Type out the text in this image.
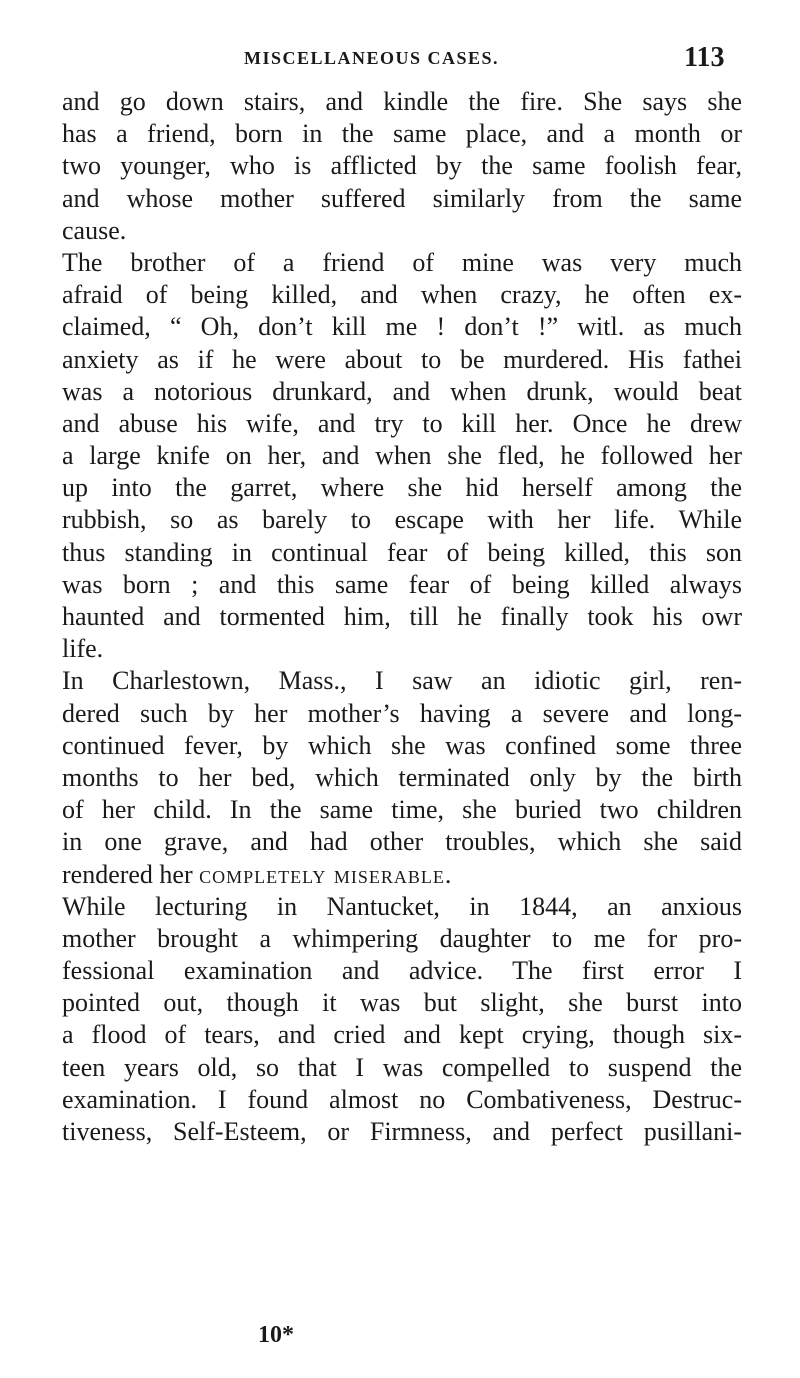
MISCELLANEOUS CASES.	113
and go down stairs, and kindle the fire. She says she
has a friend, born in the same place, and a month or
two younger, who is afflicted by the same foolish fear,
and whose mother suffered similarly from the same
cause.
The brother of a friend of mine was very much
afraid of being killed, and when crazy, he often ex-
claimed, “ Oh, don’t kill me ! don’t !” witl. as much
anxiety as if he were about to be murdered. His fathei
was a notorious drunkard, and when drunk, would beat
and abuse his wife, and try to kill her. Once he drew
a large knife on her, and when she fled, he followed her
up into the garret, where she hid herself among the
rubbish, so as barely to escape with her life. While
thus standing in continual fear of being killed, this son
was born ; and this same fear of being killed always
haunted and tormented him, till he finally took his owr
life.
In Charlestown, Mass., I saw an idiotic girl, ren-
dered such by her mother’s having a severe and long-
continued fever, by which she was confined some three
months to her bed, which terminated only by the birth
of her child. In the same time, she buried two children
in one grave, and had other troubles, which she said
rendered her completely miserable.
While lecturing in Nantucket, in 1844, an anxious
mother brought a whimpering daughter to me for pro-
fessional examination and advice. The first error I
pointed out, though it was but slight, she burst into
a flood of tears, and cried and kept crying, though six-
teen years old, so that I was compelled to suspend the
examination. I found almost no Combativeness, Destruc-
tiveness, Self-Esteem, or Firmness, and perfect pusillani-
10*
